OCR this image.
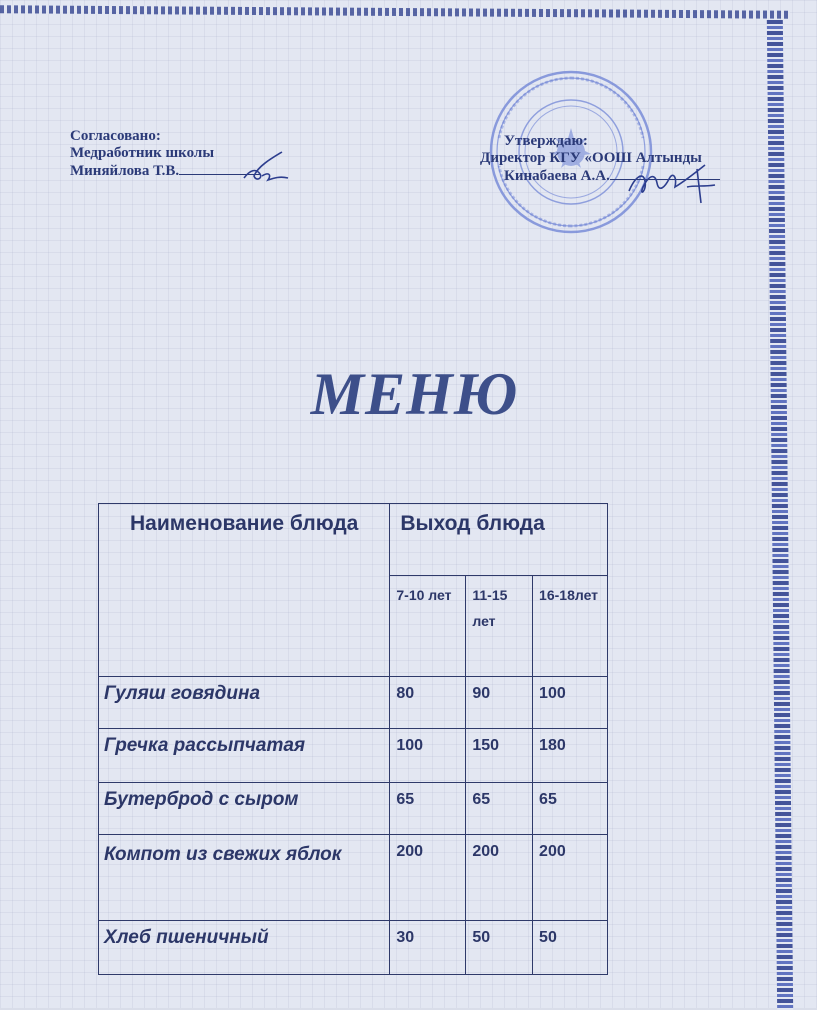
Согласовано:
Медработник школы
Миняйлова Т.В.
Утверждаю:
Директор КГУ «ООШ Алтынды
Кинабаева А.А.
МЕНЮ
Наименование блюда	Выход блюда		
	7-10 лет	11-15 лет	16-18лет
Гуляш говядина	80	90	100
Гречка рассыпчатая	100	150	180
Бутерброд с сыром	65	65	65
Компот из свежих яблок	200	200	200
Хлеб пшеничный	30	50	50
